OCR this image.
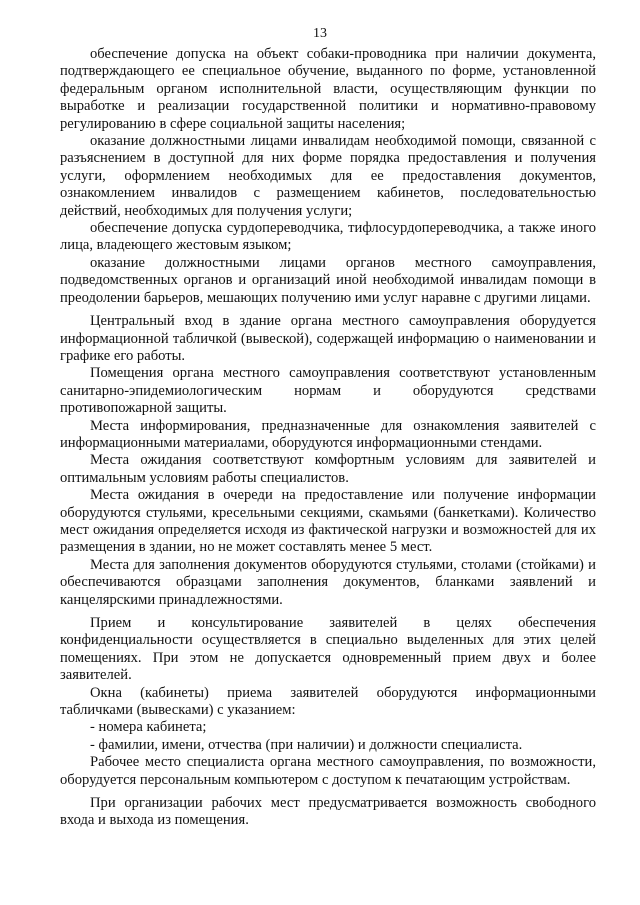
13

обеспечение допуска на объект собаки-проводника при наличии документа, подтверждающего ее специальное обучение, выданного по форме, установленной федеральным органом исполнительной власти, осуществляющим функции по выработке и реализации государственной политики и нормативно-правовому регулированию в сфере социальной защиты населения;

оказание должностными лицами инвалидам необходимой помощи, связанной с разъяснением в доступной для них форме порядка предоставления и получения услуги, оформлением необходимых для ее предоставления документов, ознакомлением инвалидов с размещением кабинетов, последовательностью действий, необходимых для получения услуги;

обеспечение допуска сурдопереводчика, тифлосурдопереводчика, а также иного лица, владеющего жестовым языком;

оказание должностными лицами органов местного самоуправления, подведомственных органов и организаций иной необходимой инвалидам помощи в преодолении барьеров, мешающих получению ими услуг наравне с другими лицами.

Центральный вход в здание органа местного самоуправления оборудуется информационной табличкой (вывеской), содержащей информацию о наименовании и графике его работы.

Помещения органа местного самоуправления соответствуют установленным санитарно-эпидемиологическим нормам и оборудуются средствами противопожарной защиты.

Места информирования, предназначенные для ознакомления заявителей с информационными материалами, оборудуются информационными стендами.

Места ожидания соответствуют комфортным условиям для заявителей и оптимальным условиям работы специалистов.

Места ожидания в очереди на предоставление или получение информации оборудуются стульями, кресельными секциями, скамьями (банкетками). Количество мест ожидания определяется исходя из фактической нагрузки и возможностей для их размещения в здании, но не может составлять менее 5 мест.

Места для заполнения документов оборудуются стульями, столами (стойками) и обеспечиваются образцами заполнения документов, бланками заявлений и канцелярскими принадлежностями.

Прием и консультирование заявителей в целях обеспечения конфиденциальности осуществляется в специально выделенных для этих целей помещениях. При этом не допускается одновременный прием двух и более заявителей.

Окна (кабинеты) приема заявителей оборудуются информационными табличками (вывесками) с указанием:

- номера кабинета;

- фамилии, имени, отчества (при наличии) и должности специалиста.

Рабочее место специалиста органа местного самоуправления, по возможности, оборудуется персональным компьютером с доступом к печатающим устройствам.

При организации рабочих мест предусматривается возможность свободного входа и выхода из помещения.
